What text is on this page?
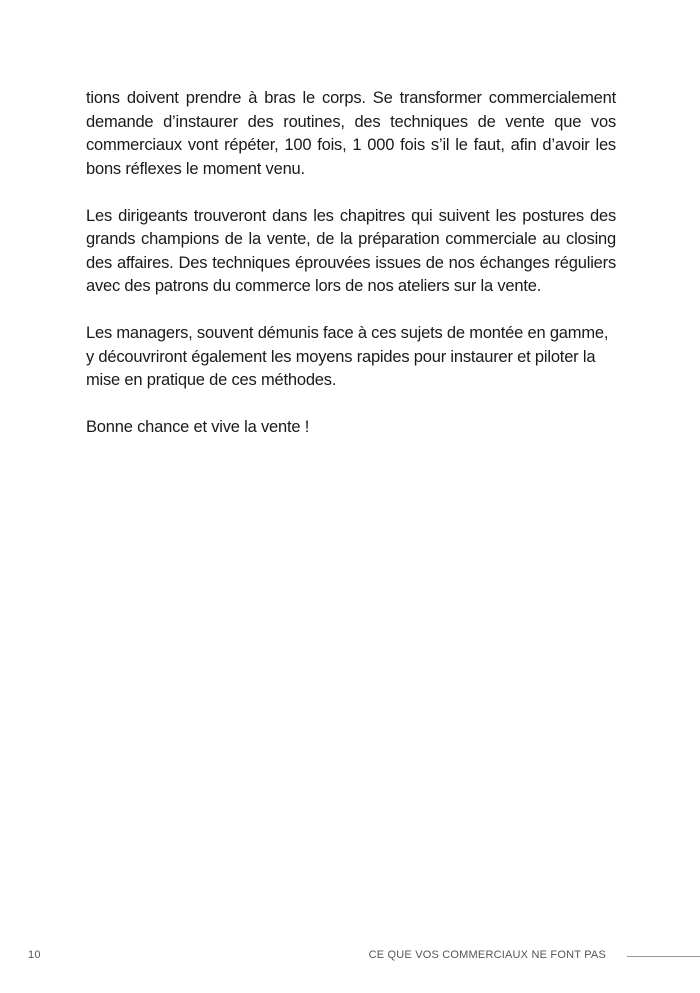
tions doivent prendre à bras le corps. Se transformer commercialement demande d’instaurer des routines, des techniques de vente que vos commerciaux vont répéter, 100 fois, 1 000 fois s’il le faut, afin d’avoir les bons réflexes le moment venu.

Les dirigeants trouveront dans les chapitres qui suivent les postures des grands champions de la vente, de la préparation commerciale au closing des affaires. Des techniques éprouvées issues de nos échanges réguliers avec des patrons du commerce lors de nos ateliers sur la vente.

Les managers, souvent démunis face à ces sujets de montée en gamme, y découvriront également les moyens rapides pour instaurer et piloter la mise en pratique de ces méthodes.

Bonne chance et vive la vente !

10	CE QUE VOS COMMERCIAUX NE FONT PAS
